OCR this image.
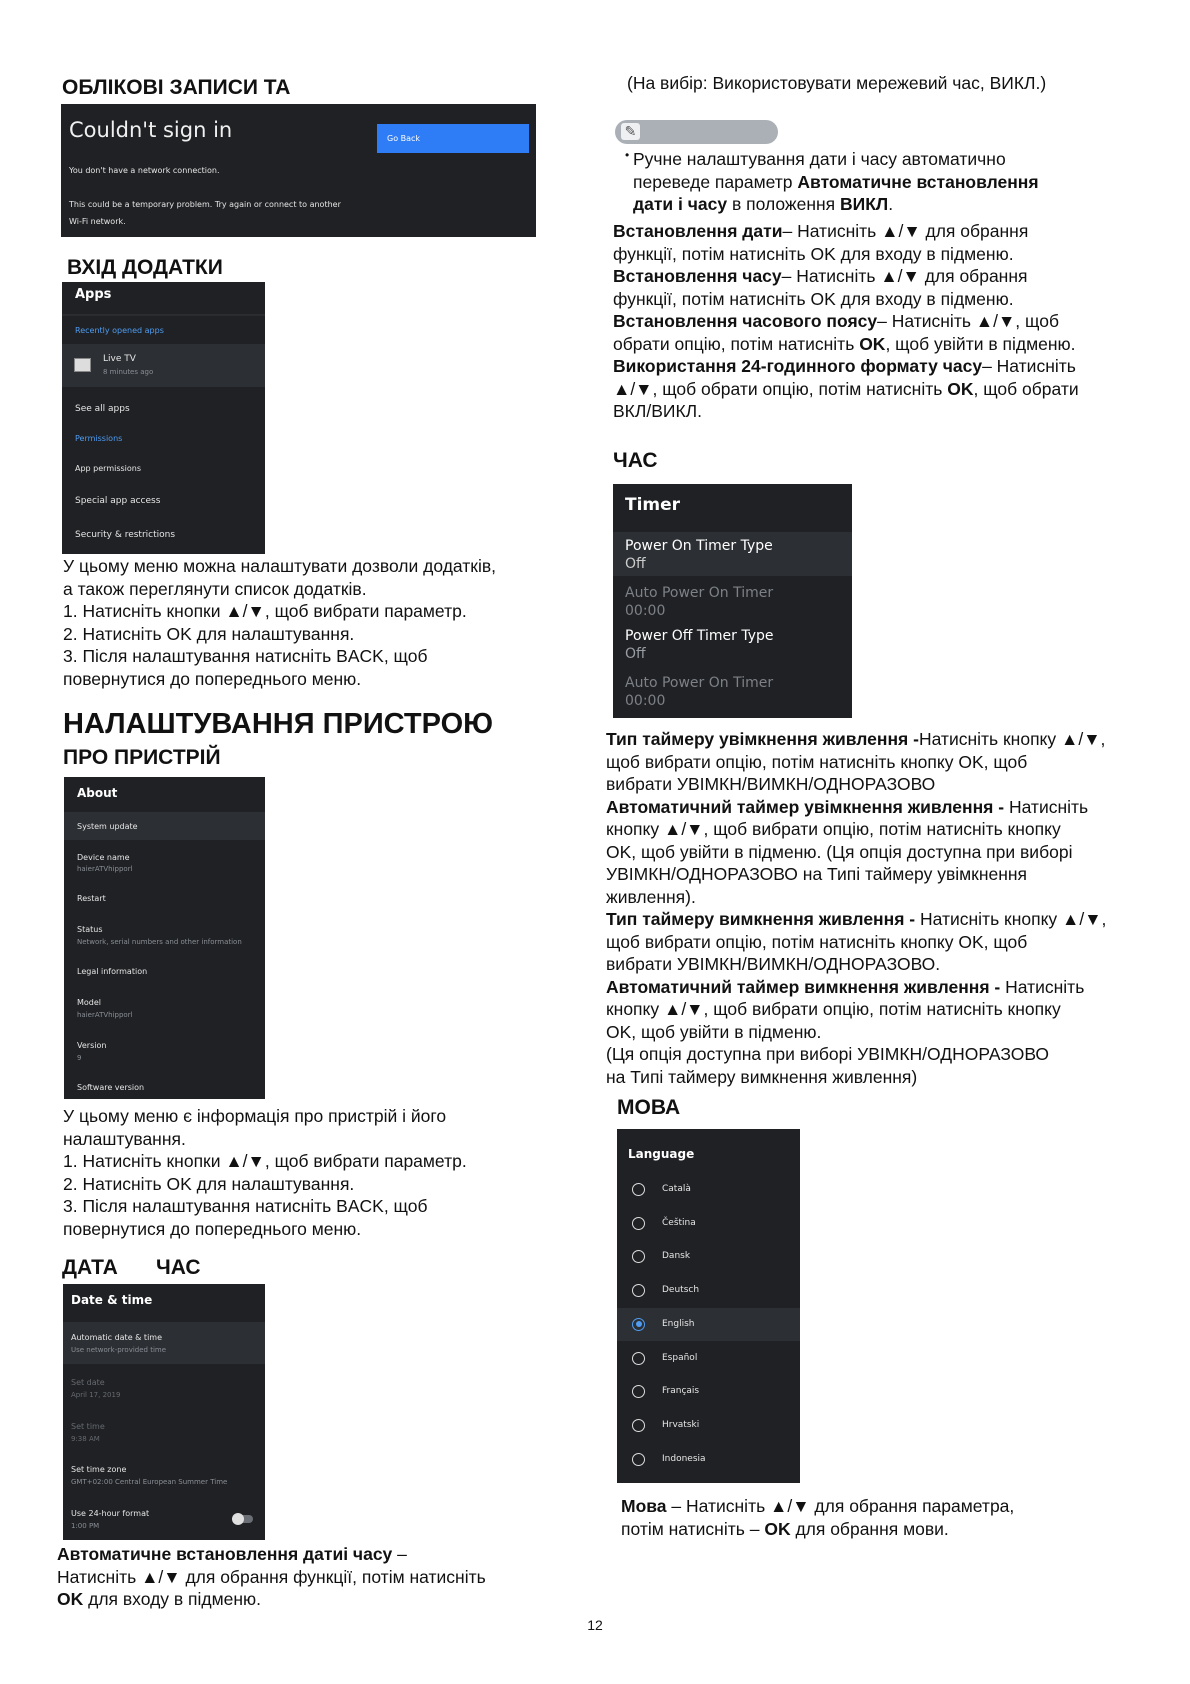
ОБЛІКОВІ ЗАПИСИ ТА
Couldn't sign in	Go Back
You don't have a network connection.
This could be a temporary problem. Try again or connect to another
Wi-Fi network.
ВХІД ДОДАТКИ
Apps
Recently opened apps
Live TV
8 minutes ago
See all apps
Permissions
App permissions
Special app access
Security & restrictions

У цьому меню можна налаштувати дозволи додатків,

а також переглянути список додатків.

1. Натисніть кнопки ▲/▼, щоб вибрати параметр.

2. Натисніть OK для налаштування.

3. Після налаштування натисніть BACK, щоб

повернутися до попереднього меню.

НАЛАШТУВАННЯ ПРИСТРОЮ
ПРО ПРИСТРІЙ
About
System update
Device name
haierATVhipporl
Restart
Status
Network, serial numbers and other information
Legal information
Model
haierATVhipporl
Version
9
Software version

У цьому меню є інформація про пристрій і його

налаштування.

1. Натисніть кнопки ▲/▼, щоб вибрати параметр.

2. Натисніть OK для налаштування.

3. Після налаштування натисніть BACK, щоб

повернутися до попереднього меню.

ДАТА ЧАС
Date & time
Automatic date & time
Use network-provided time
Set date
April 17, 2019
Set time
9:38 AM
Set time zone
GMT+02:00 Central European Summer Time
Use 24-hour format
1:00 PM

Автоматичне встановлення датиі часу –

Натисніть ▲/▼ для обрання функції, потім натисніть

OK для входу в підменю.

(На вибір: Використовувати мережевий час, ВИКЛ.)
✎

• Ручне налаштування дати і часу автоматично

переведе параметр Автоматичне встановлення

дати і часу в положення ВИКЛ.

Встановлення дати– Натисніть ▲/▼ для обрання

функції, потім натисніть OK для входу в підменю.

Встановлення часу– Натисніть ▲/▼ для обрання

функції, потім натисніть OK для входу в підменю.

Встановлення часового поясу– Натисніть ▲/▼, щоб

обрати опцію, потім натисніть OK, щоб увійти в підменю.

Використання 24-годинного формату часу– Натисніть

▲/▼, щоб обрати опцію, потім натисніть OK, щоб обрати

ВКЛ/ВИКЛ.

ЧАС
Timer
Power On Timer Type
Off
Auto Power On Timer
00:00
Power Off Timer Type
Off
Auto Power On Timer
00:00

Тип таймеру увімкнення живлення -Натисніть кнопку ▲/▼,

щоб вибрати опцію, потім натисніть кнопку OK, щоб

вибрати УВІМКН/ВИМКН/ОДНОРАЗОВО

Автоматичний таймер увімкнення живлення - Натисніть

кнопку ▲/▼, щоб вибрати опцію, потім натисніть кнопку

OK, щоб увійти в підменю. (Ця опція доступна при виборі

УВІМКН/ОДНОРАЗОВО на Типі таймеру увімкнення

живлення).

Тип таймеру вимкнення живлення - Натисніть кнопку ▲/▼,

щоб вибрати опцію, потім натисніть кнопку OK, щоб

вибрати УВІМКН/ВИМКН/ОДНОРАЗОВО.

Автоматичний таймер вимкнення живлення - Натисніть

кнопку ▲/▼, щоб вибрати опцію, потім натисніть кнопку

OK, щоб увійти в підменю.

(Ця опція доступна при виборі УВІМКН/ОДНОРАЗОВО

на Типі таймеру вимкнення живлення)

МОВА
Language
Català
Čeština
Dansk
Deutsch
English
Español
Français
Hrvatski
Indonesia

Мова – Натисніть ▲/▼ для обрання параметра,

потім натисніть – OK для обрання мови.

12
